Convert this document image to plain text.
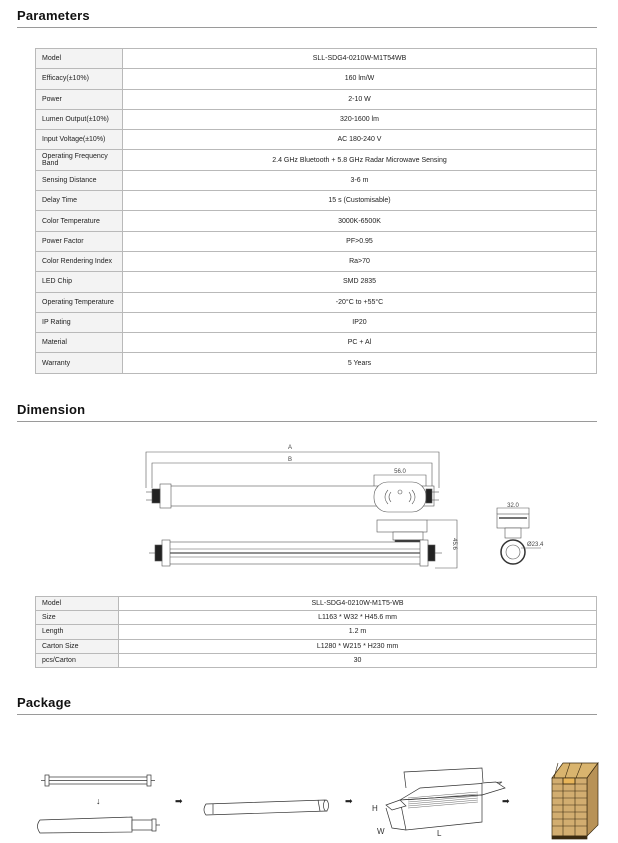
Parameters
Model	SLL-SDG4-0210W-M1T54WB
Efficacy(±10%)	160 lm/W
Power	2-10 W
Lumen Output(±10%)	320-1600 lm
Input Voltage(±10%)	AC 180-240 V
Operating Frequency Band	2.4 GHz Bluetooth + 5.8 GHz Radar Microwave Sensing
Sensing Distance	3-6 m
Delay Time	15 s (Customisable)
Color Temperature	3000K-6500K
Power Factor	PF>0.95
Color Rendering Index	Ra>70
LED Chip	SMD 2835
Operating Temperature	-20°C to +55°C
IP Rating	IP20
Material	PC + Al
Warranty	5 Years
Dimension
A
B
56.0
45.6
32.0
Ø23.4
Model	SLL-SDG4-0210W-M1T5-WB
Size	L1163 * W32 * H45.6 mm
Length	1.2 m
Carton Size	L1280 * W215 * H230 mm
pcs/Carton	30
Package
H
W	L
↓	➡	➡	➡
